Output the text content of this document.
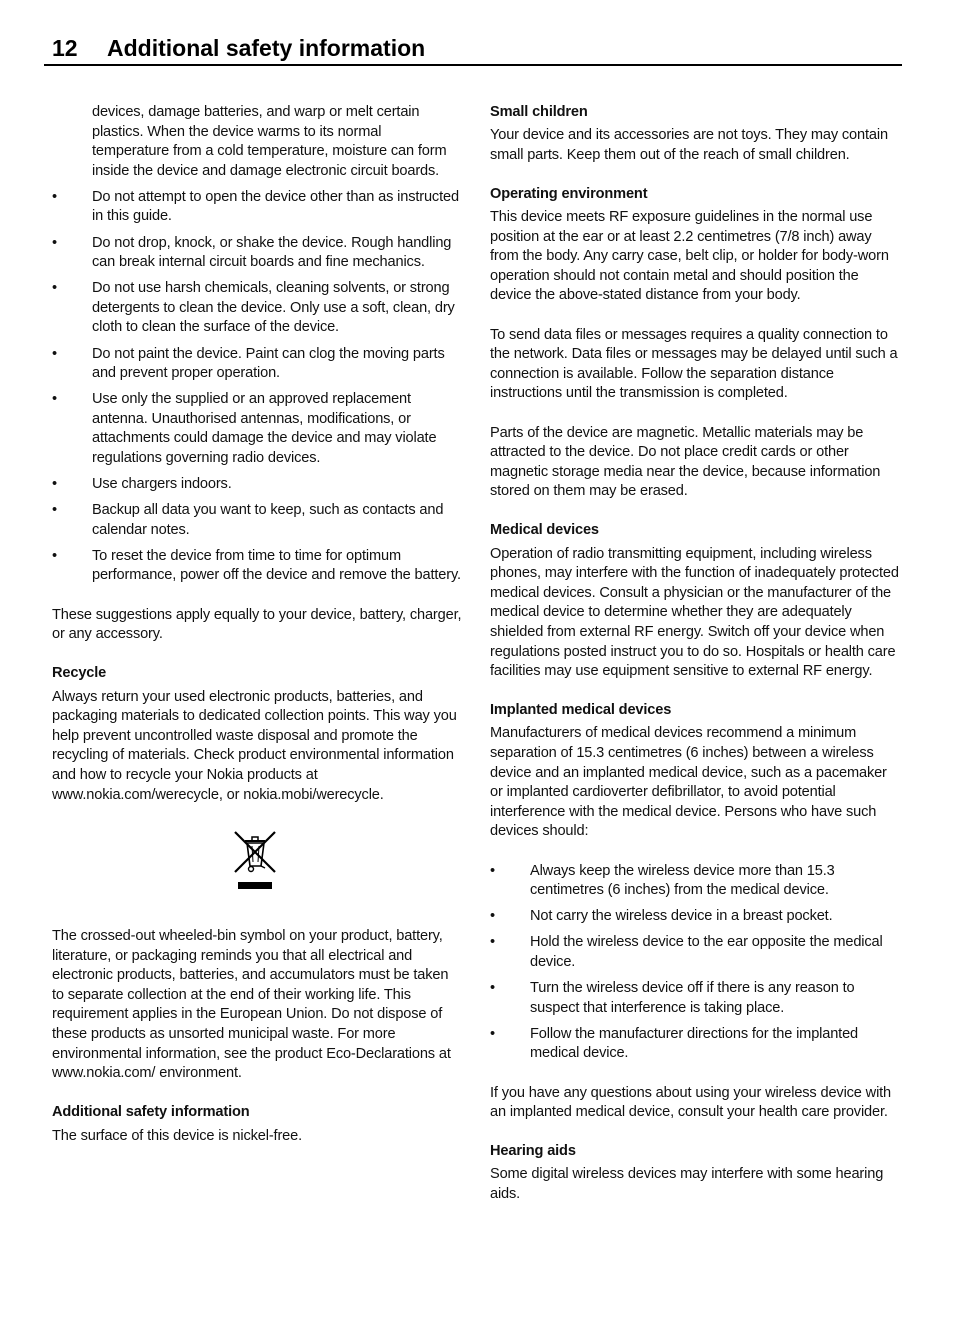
12 Additional safety information

devices, damage batteries, and warp or melt certain plastics. When the device warms to its normal temperature from a cold temperature, moisture can form inside the device and damage electronic circuit boards.

•	Do not attempt to open the device other than as instructed in this guide.
•	Do not drop, knock, or shake the device. Rough handling can break internal circuit boards and fine mechanics.
•	Do not use harsh chemicals, cleaning solvents, or strong detergents to clean the device. Only use a soft, clean, dry cloth to clean the surface of the device.
•	Do not paint the device. Paint can clog the moving parts and prevent proper operation.
•	Use only the supplied or an approved replacement antenna. Unauthorised antennas, modifications, or attachments could damage the device and may violate regulations governing radio devices.
•	Use chargers indoors.
•	Backup all data you want to keep, such as contacts and calendar notes.
•	To reset the device from time to time for optimum performance, power off the device and remove the battery.

These suggestions apply equally to your device, battery, charger, or any accessory.

Recycle

Always return your used electronic products, batteries, and packaging materials to dedicated collection points. This way you help prevent uncontrolled waste disposal and promote the recycling of materials. Check product environmental information and how to recycle your Nokia products at www.nokia.com/werecycle, or nokia.mobi/werecycle.

The crossed-out wheeled-bin symbol on your product, battery, literature, or packaging reminds you that all electrical and electronic products, batteries, and accumulators must be taken to separate collection at the end of their working life. This requirement applies in the European Union. Do not dispose of these products as unsorted municipal waste. For more environmental information, see the product Eco-Declarations at www.nokia.com/ environment.

Additional safety information

The surface of this device is nickel-free.

Small children

Your device and its accessories are not toys. They may contain small parts. Keep them out of the reach of small children.

Operating environment

This device meets RF exposure guidelines in the normal use position at the ear or at least 2.2 centimetres (7/8 inch) away from the body. Any carry case, belt clip, or holder for body-worn operation should not contain metal and should position the device the above-stated distance from your body.

To send data files or messages requires a quality connection to the network. Data files or messages may be delayed until such a connection is available. Follow the separation distance instructions until the transmission is completed.

Parts of the device are magnetic. Metallic materials may be attracted to the device. Do not place credit cards or other magnetic storage media near the device, because information stored on them may be erased.

Medical devices

Operation of radio transmitting equipment, including wireless phones, may interfere with the function of inadequately protected medical devices. Consult a physician or the manufacturer of the medical device to determine whether they are adequately shielded from external RF energy. Switch off your device when regulations posted instruct you to do so. Hospitals or health care facilities may use equipment sensitive to external RF energy.

Implanted medical devices

Manufacturers of medical devices recommend a minimum separation of 15.3 centimetres (6 inches) between a wireless device and an implanted medical device, such as a pacemaker or implanted cardioverter defibrillator, to avoid potential interference with the medical device. Persons who have such devices should:

•	Always keep the wireless device more than 15.3 centimetres (6 inches) from the medical device.
•	Not carry the wireless device in a breast pocket.
•	Hold the wireless device to the ear opposite the medical device.
•	Turn the wireless device off if there is any reason to suspect that interference is taking place.
•	Follow the manufacturer directions for the implanted medical device.

If you have any questions about using your wireless device with an implanted medical device, consult your health care provider.

Hearing aids

Some digital wireless devices may interfere with some hearing aids.
